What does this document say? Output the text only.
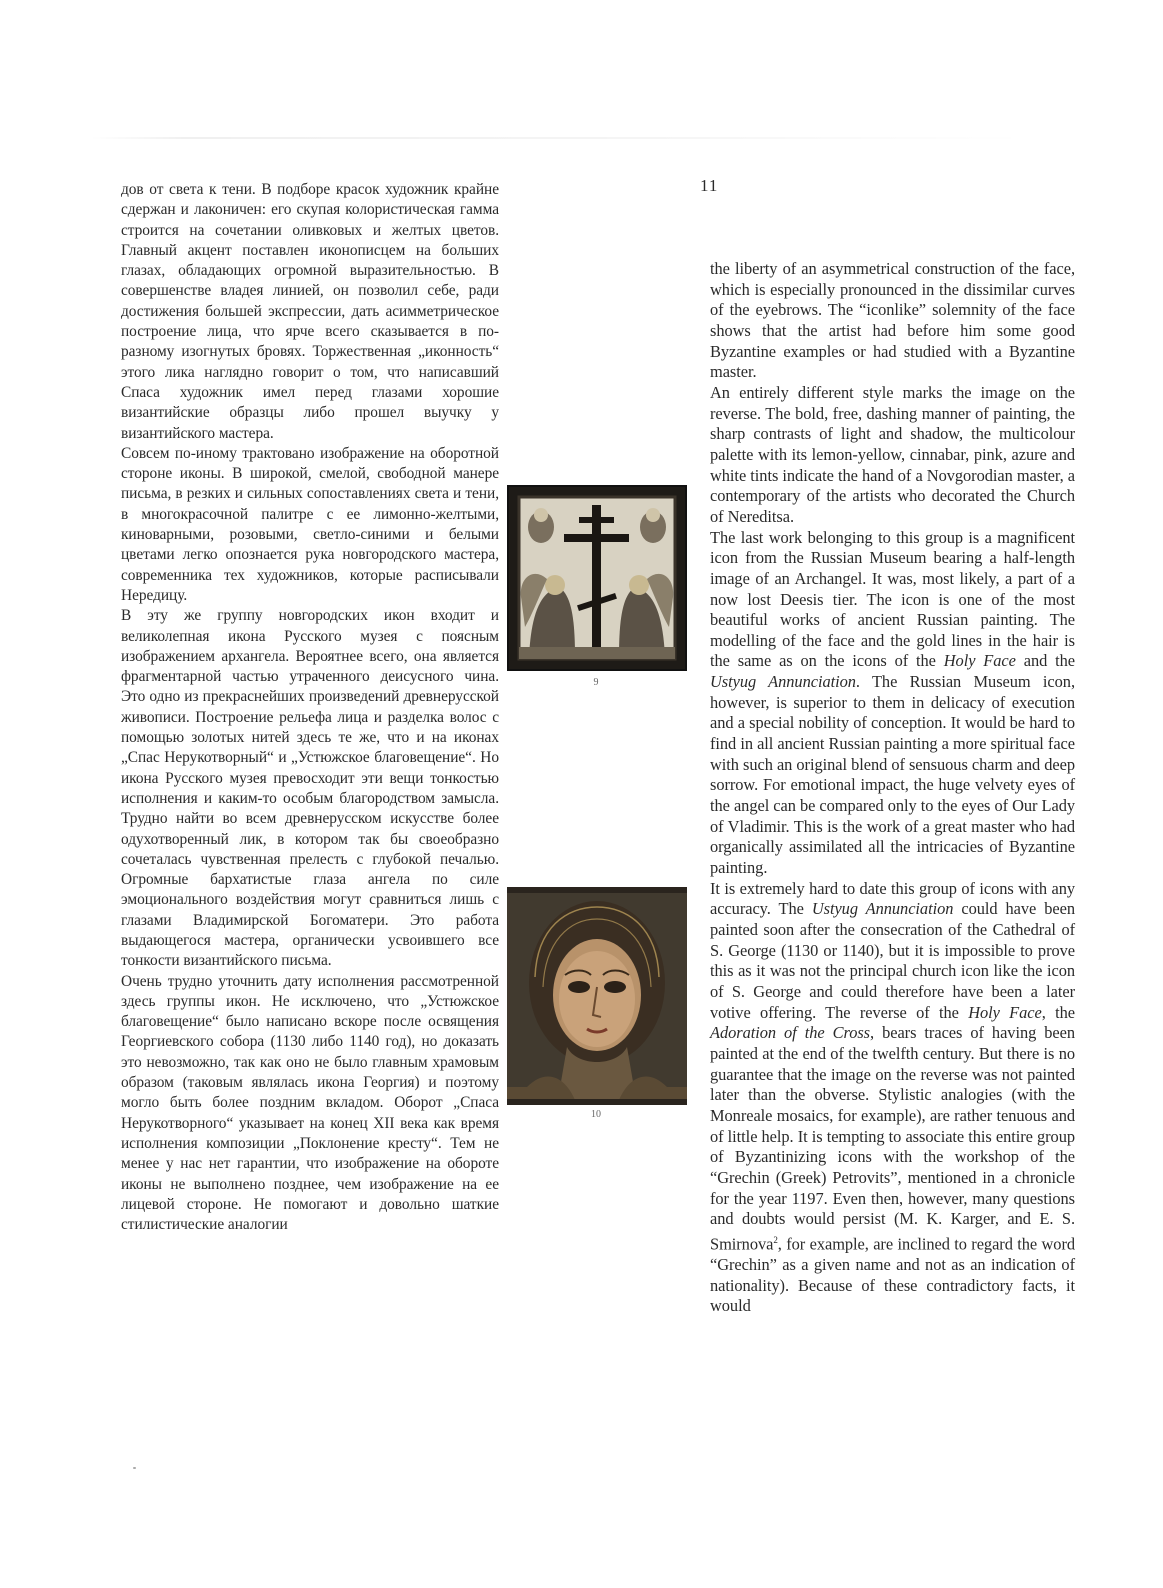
дов от света к тени. В подборе красок художник крайне сдержан и лаконичен: его скупая колористическая гамма строится на сочетании оливковых и желтых цветов. Главный акцент поставлен иконописцем на больших глазах, обладающих огромной выразительностью. В совершенстве владея линией, он позволил себе, ради достижения большей экспрессии, дать асимметрическое построение лица, что ярче всего сказывается в по-разному изогнутых бровях. Торжественная „иконность“ этого лика наглядно говорит о том, что написавший Спаса художник имел перед глазами хорошие византийские образцы либо прошел выучку у византийского мастера.

Совсем по-иному трактовано изображение на оборотной стороне иконы. В широкой, смелой, свободной манере письма, в резких и сильных сопоставлениях света и тени, в многокрасочной палитре с ее лимонно-желтыми, киноварными, розовыми, светло-синими и белыми цветами легко опознается рука новгородского мастера, современника тех художников, которые расписывали Нередицу.

В эту же группу новгородских икон входит и великолепная икона Русского музея с поясным изображением архангела. Вероятнее всего, она является фрагментарной частью утраченного деисусного чина. Это одно из прекраснейших произведений древнерусской живописи. Построение рельефа лица и разделка волос с помощью золотых нитей здесь те же, что и на иконах „Спас Нерукотворный“ и „Устюжское благовещение“. Но икона Русского музея превосходит эти вещи тонкостью исполнения и каким-то особым благородством замысла. Трудно найти во всем древнерусском искусстве более одухотворенный лик, в котором так бы своеобразно сочеталась чувственная прелесть с глубокой печалью. Огромные бархатистые глаза ангела по силе эмоционального воздействия могут сравниться лишь с глазами Владимирской Богоматери. Это работа выдающегося мастера, органически усвоившего все тонкости византийского письма.

Очень трудно уточнить дату исполнения рассмотренной здесь группы икон. Не исключено, что „Устюжское благовещение“ было написано вскоре после освящения Георгиевского собора (1130 либо 1140 год), но доказать это невозможно, так как оно не было главным храмовым образом (таковым являлась икона Георгия) и поэтому могло быть более поздним вкладом. Оборот „Спаса Нерукотворного“ указывает на конец XII века как время исполнения композиции „Поклонение кресту“. Тем не менее у нас нет гарантии, что изображение на обороте иконы не выполнено позднее, чем изображение на ее лицевой стороне. Не помогают и довольно шаткие стилистические аналогии

11

the liberty of an asymmetrical construction of the face, which is especially pronounced in the dissimilar curves of the eyebrows. The “iconlike” solemnity of the face shows that the artist had before him some good Byzantine examples or had studied with a Byzantine master.

An entirely different style marks the image on the reverse. The bold, free, dashing manner of painting, the sharp contrasts of light and shadow, the multicolour palette with its lemon-yellow, cinnabar, pink, azure and white tints indicate the hand of a Novgorodian master, a contemporary of the artists who decorated the Church of Nereditsa.

The last work belonging to this group is a magnificent icon from the Russian Museum bearing a half-length image of an Archangel. It was, most likely, a part of a now lost Deesis tier. The icon is one of the most beautiful works of ancient Russian painting. The modelling of the face and the gold lines in the hair is the same as on the icons of the Holy Face and the Ustyug Annunciation. The Russian Museum icon, however, is superior to them in delicacy of execution and a special nobility of conception. It would be hard to find in all ancient Russian painting a more spiritual face with such an original blend of sensuous charm and deep sorrow. For emotional impact, the huge velvety eyes of the angel can be compared only to the eyes of Our Lady of Vladimir. This is the work of a great master who had organically assimilated all the intricacies of Byzantine painting.

It is extremely hard to date this group of icons with any accuracy. The Ustyug Annunciation could have been painted soon after the consecration of the Cathedral of S. George (1130 or 1140), but it is impossible to prove this as it was not the principal church icon like the icon of S. George and could therefore have been a later votive offering. The reverse of the Holy Face, the Adoration of the Cross, bears traces of having been painted at the end of the twelfth century. But there is no guarantee that the image on the reverse was not painted later than the obverse. Stylistic analogies (with the Monreale mosaics, for example), are rather tenuous and of little help. It is tempting to associate this entire group of Byzantinizing icons with the workshop of the “Grechin (Greek) Petrovits”, mentioned in a chronicle for the year 1197. Even then, however, many questions and doubts would persist (M. K. Karger, and E. S. Smirnova$^2$, for example, are inclined to regard the word “Grechin” as a given name and not as an indication of nationality). Because of these contradictory facts, it would

9
10
